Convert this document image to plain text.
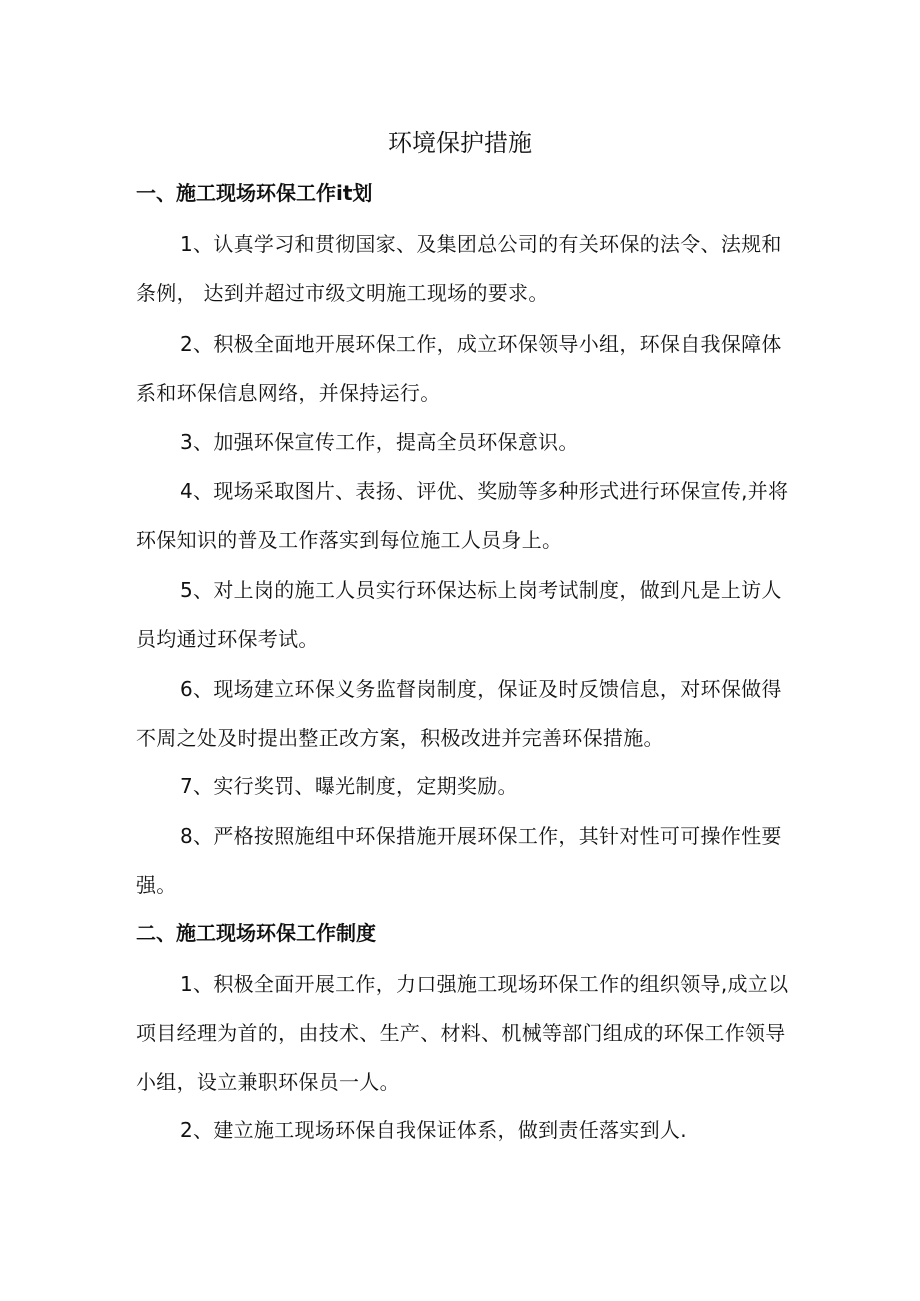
环境保护措施
一、施工现场环保工作it划

1、认真学习和贯彻国家、及集团总公司的有关环保的法令、法规和条例， 达到并超过市级文明施工现场的要求。

2、积极全面地开展环保工作，成立环保领导小组，环保自我保障体系和环保信息网络，并保持运行。

3、加强环保宣传工作，提高全员环保意识。

4、现场采取图片、表扬、评优、奖励等多种形式进行环保宣传,并将环保知识的普及工作落实到每位施工人员身上。

5、对上岗的施工人员实行环保达标上岗考试制度，做到凡是上访人员均通过环保考试。

6、现场建立环保义务监督岗制度，保证及时反馈信息，对环保做得不周之处及时提出整正改方案，积极改进并完善环保措施。

7、实行奖罚、曝光制度，定期奖励。

8、严格按照施组中环保措施开展环保工作，其针对性可可操作性要强。

二、施工现场环保工作制度

1、积极全面开展工作，力口强施工现场环保工作的组织领导,成立以项目经理为首的，由技术、生产、材料、机械等部门组成的环保工作领导小组，设立兼职环保员一人。

2、建立施工现场环保自我保证体系，做到责任落实到人.
